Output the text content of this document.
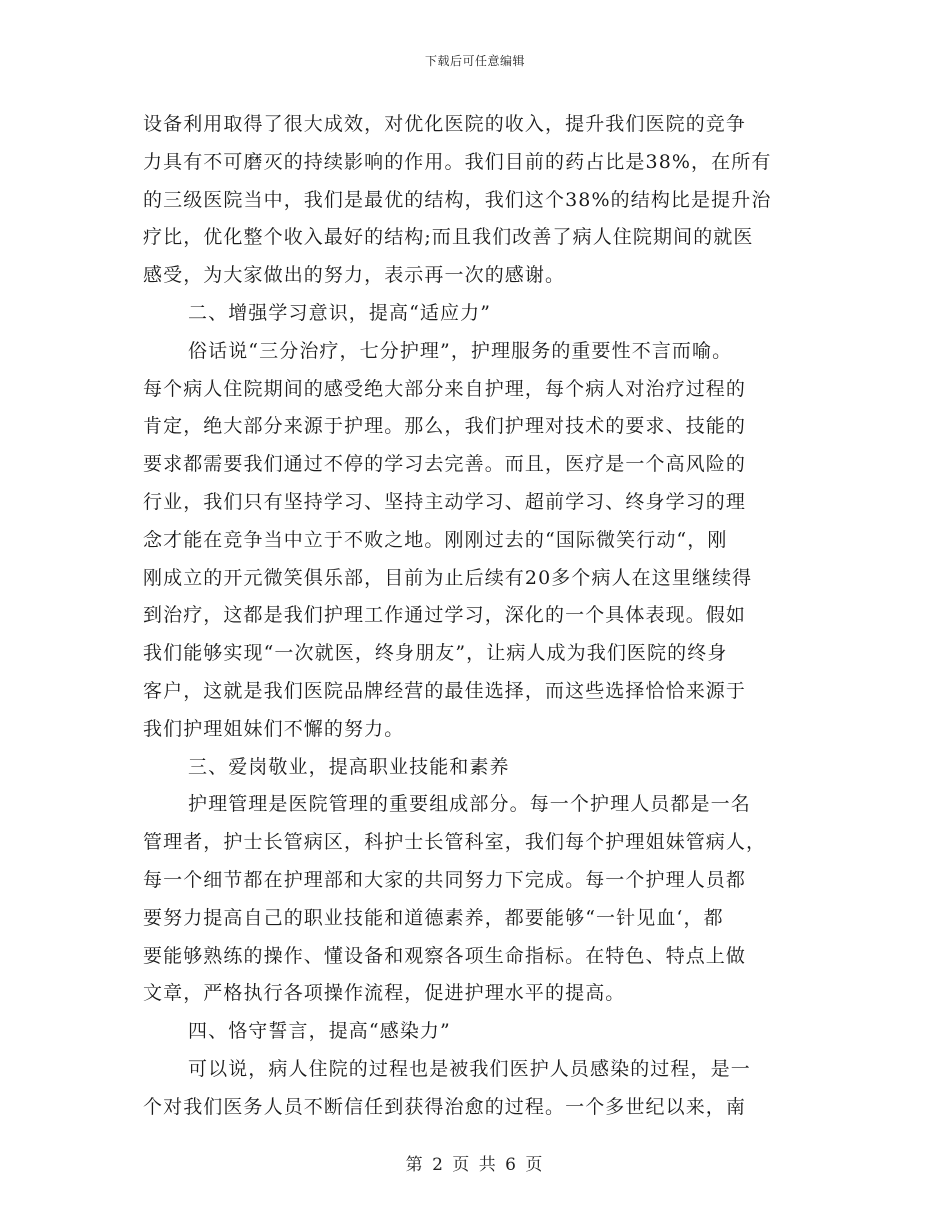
下载后可任意编辑
设备利用取得了很大成效，对优化医院的收入，提升我们医院的竞争
力具有不可磨灭的持续影响的作用。我们目前的药占比是38%，在所有
的三级医院当中，我们是最优的结构，我们这个38%的结构比是提升治
疗比，优化整个收入最好的结构;而且我们改善了病人住院期间的就医
感受，为大家做出的努力，表示再一次的感谢。
二、增强学习意识，提高“适应力”
俗话说“三分治疗，七分护理”，护理服务的重要性不言而喻。
每个病人住院期间的感受绝大部分来自护理，每个病人对治疗过程的
肯定，绝大部分来源于护理。那么，我们护理对技术的要求、技能的
要求都需要我们通过不停的学习去完善。而且，医疗是一个高风险的
行业，我们只有坚持学习、坚持主动学习、超前学习、终身学习的理
念才能在竞争当中立于不败之地。刚刚过去的“国际微笑行动“，刚
刚成立的开元微笑俱乐部，目前为止后续有20多个病人在这里继续得
到治疗，这都是我们护理工作通过学习，深化的一个具体表现。假如
我们能够实现“一次就医，终身朋友”，让病人成为我们医院的终身
客户，这就是我们医院品牌经营的最佳选择，而这些选择恰恰来源于
我们护理姐妹们不懈的努力。
三、爱岗敬业，提高职业技能和素养
护理管理是医院管理的重要组成部分。每一个护理人员都是一名
管理者，护士长管病区，科护士长管科室，我们每个护理姐妹管病人，
每一个细节都在护理部和大家的共同努力下完成。每一个护理人员都
要努力提高自己的职业技能和道德素养，都要能够“一针见血‘，都
要能够熟练的操作、懂设备和观察各项生命指标。在特色、特点上做
文章，严格执行各项操作流程，促进护理水平的提高。
四、恪守誓言，提高“感染力”
可以说，病人住院的过程也是被我们医护人员感染的过程，是一
个对我们医务人员不断信任到获得治愈的过程。一个多世纪以来，南
第 2 页 共 6 页
